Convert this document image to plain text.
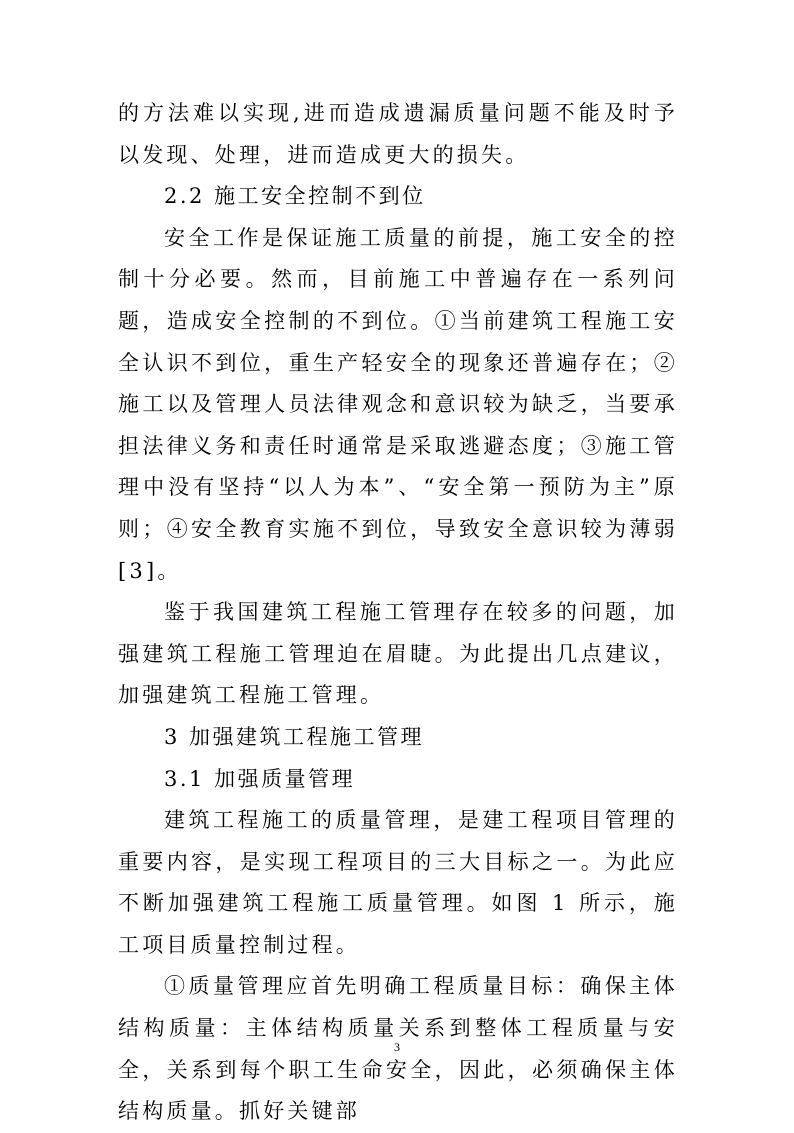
的方法难以实现,进而造成遗漏质量问题不能及时予以发现、处理，进而造成更大的损失。

2.2 施工安全控制不到位

安全工作是保证施工质量的前提，施工安全的控制十分必要。然而，目前施工中普遍存在一系列问题，造成安全控制的不到位。①当前建筑工程施工安全认识不到位，重生产轻安全的现象还普遍存在；②施工以及管理人员法律观念和意识较为缺乏，当要承担法律义务和责任时通常是采取逃避态度；③施工管理中没有坚持“以人为本”、“安全第一预防为主”原则；④安全教育实施不到位，导致安全意识较为薄弱[3]。

鉴于我国建筑工程施工管理存在较多的问题，加强建筑工程施工管理迫在眉睫。为此提出几点建议，加强建筑工程施工管理。

3 加强建筑工程施工管理

3.1 加强质量管理

建筑工程施工的质量管理，是建工程项目管理的重要内容，是实现工程项目的三大目标之一。为此应不断加强建筑工程施工质量管理。如图 1 所示，施工项目质量控制过程。

①质量管理应首先明确工程质量目标：确保主体结构质量：主体结构质量关系到整体工程质量与安全，关系到每个职工生命安全，因此，必须确保主体结构质量。抓好关键部

3
